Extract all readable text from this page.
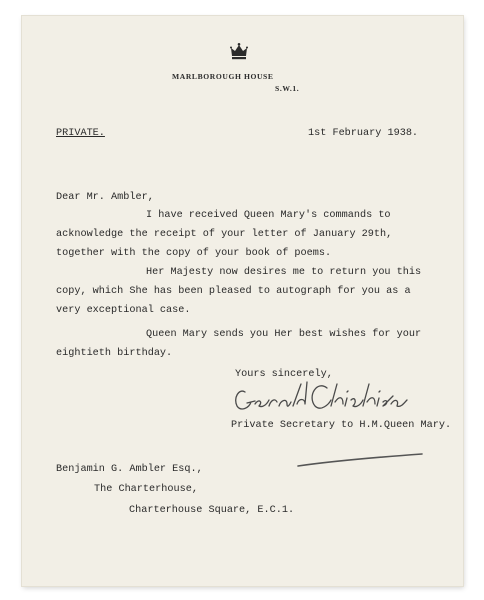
MARLBOROUGH HOUSE
S.W.1.
PRIVATE.	1st February 1938.
Dear Mr. Ambler,
I have received Queen Mary's commands to
acknowledge the receipt of your letter of January 29th,
together with the copy of your book of poems.
Her Majesty now desires me to return you this
copy, which She has been pleased to autograph for you as a
very exceptional case.
Queen Mary sends you Her best wishes for your
eightieth birthday.
Yours sincerely,
Private Secretary to H.M.Queen Mary.
Benjamin G. Ambler Esq.,
The Charterhouse,
Charterhouse Square, E.C.1.
